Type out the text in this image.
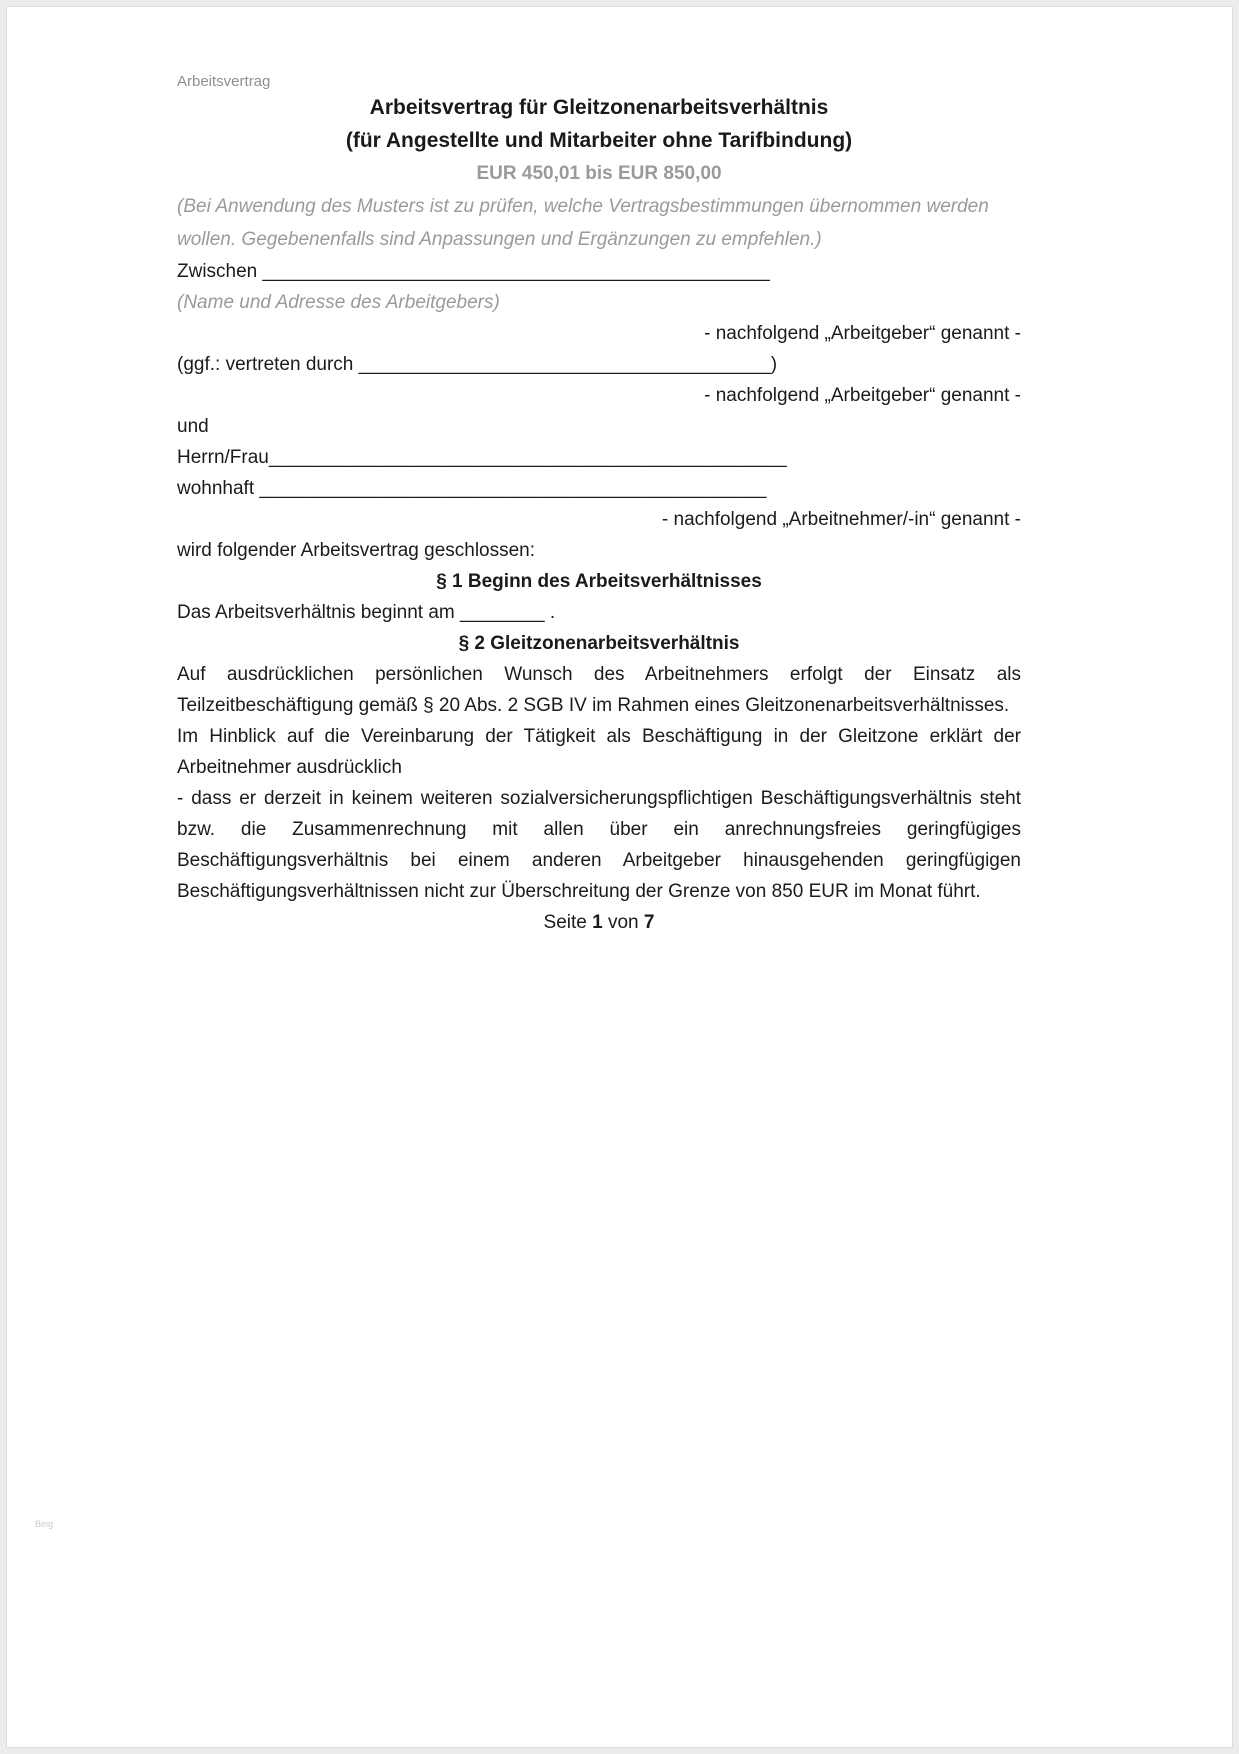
Arbeitsvertrag
Arbeitsvertrag für Gleitzonenarbeitsverhältnis
(für Angestellte und Mitarbeiter ohne Tarifbindung)
EUR 450,01 bis EUR 850,00

(Bei Anwendung des Musters ist zu prüfen, welche Vertragsbestimmungen übernommen werden wollen. Gegebenenfalls sind Anpassungen und Ergänzungen zu empfehlen.)

Zwischen ________________________________________________

(Name und Adresse des Arbeitgebers)

- nachfolgend „Arbeitgeber“ genannt -

(ggf.: vertreten durch _______________________________________)

- nachfolgend „Arbeitgeber“ genannt -

und

Herrn/Frau_________________________________________________

wohnhaft ________________________________________________

- nachfolgend „Arbeitnehmer/-in“ genannt -

wird folgender Arbeitsvertrag geschlossen:

§ 1 Beginn des Arbeitsverhältnisses

Das Arbeitsverhältnis beginnt am ________ .

§ 2 Gleitzonenarbeitsverhältnis

Auf ausdrücklichen persönlichen Wunsch des Arbeitnehmers erfolgt der Einsatz als Teilzeitbeschäftigung gemäß § 20 Abs. 2 SGB IV im Rahmen eines Gleitzonenarbeitsverhältnisses.

Im Hinblick auf die Vereinbarung der Tätigkeit als Beschäftigung in der Gleitzone erklärt der Arbeitnehmer ausdrücklich

- dass er derzeit in keinem weiteren sozialversicherungspflichtigen Beschäftigungsverhältnis steht bzw. die Zusammenrechnung mit allen über ein anrechnungsfreies geringfügiges Beschäftigungsverhältnis bei einem anderen Arbeitgeber hinausgehenden geringfügigen Beschäftigungsverhältnissen nicht zur Überschreitung der Grenze von 850 EUR im Monat führt.

Seite 1 von 7

Bing
